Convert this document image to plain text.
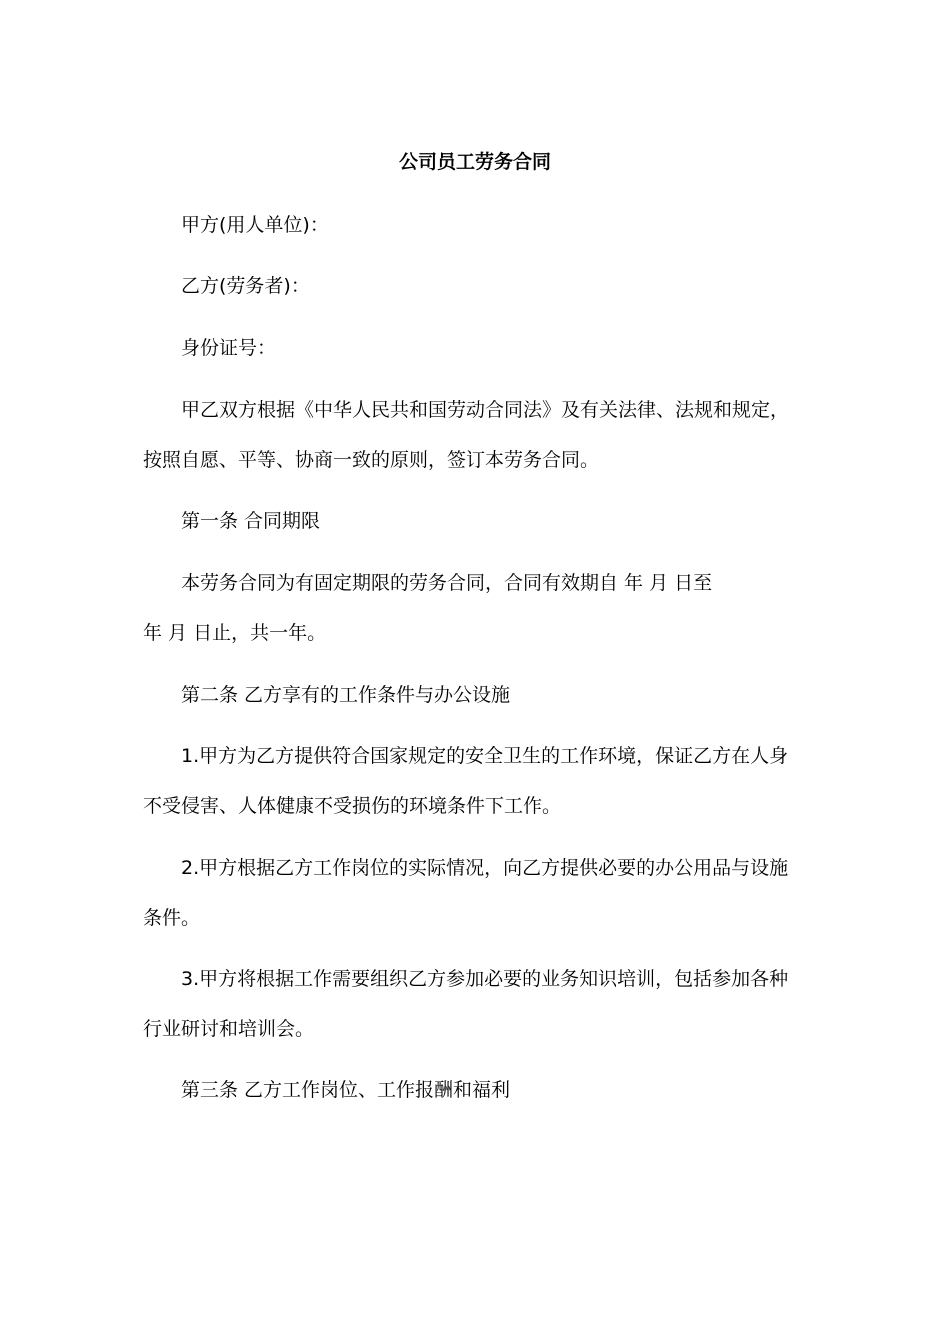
公司员工劳务合同
甲方(用人单位)：
乙方(劳务者)：
身份证号：
甲乙双方根据《中华人民共和国劳动合同法》及有关法律、法规和规定，
按照自愿、平等、协商一致的原则，签订本劳务合同。
第一条 合同期限
本劳务合同为有固定期限的劳务合同，合同有效期自 年 月 日至
年 月 日止，共一年。
第二条 乙方享有的工作条件与办公设施
1.甲方为乙方提供符合国家规定的安全卫生的工作环境，保证乙方在人身
不受侵害、人体健康不受损伤的环境条件下工作。
2.甲方根据乙方工作岗位的实际情况，向乙方提供必要的办公用品与设施
条件。
3.甲方将根据工作需要组织乙方参加必要的业务知识培训，包括参加各种
行业研讨和培训会。
第三条 乙方工作岗位、工作报酬和福利
